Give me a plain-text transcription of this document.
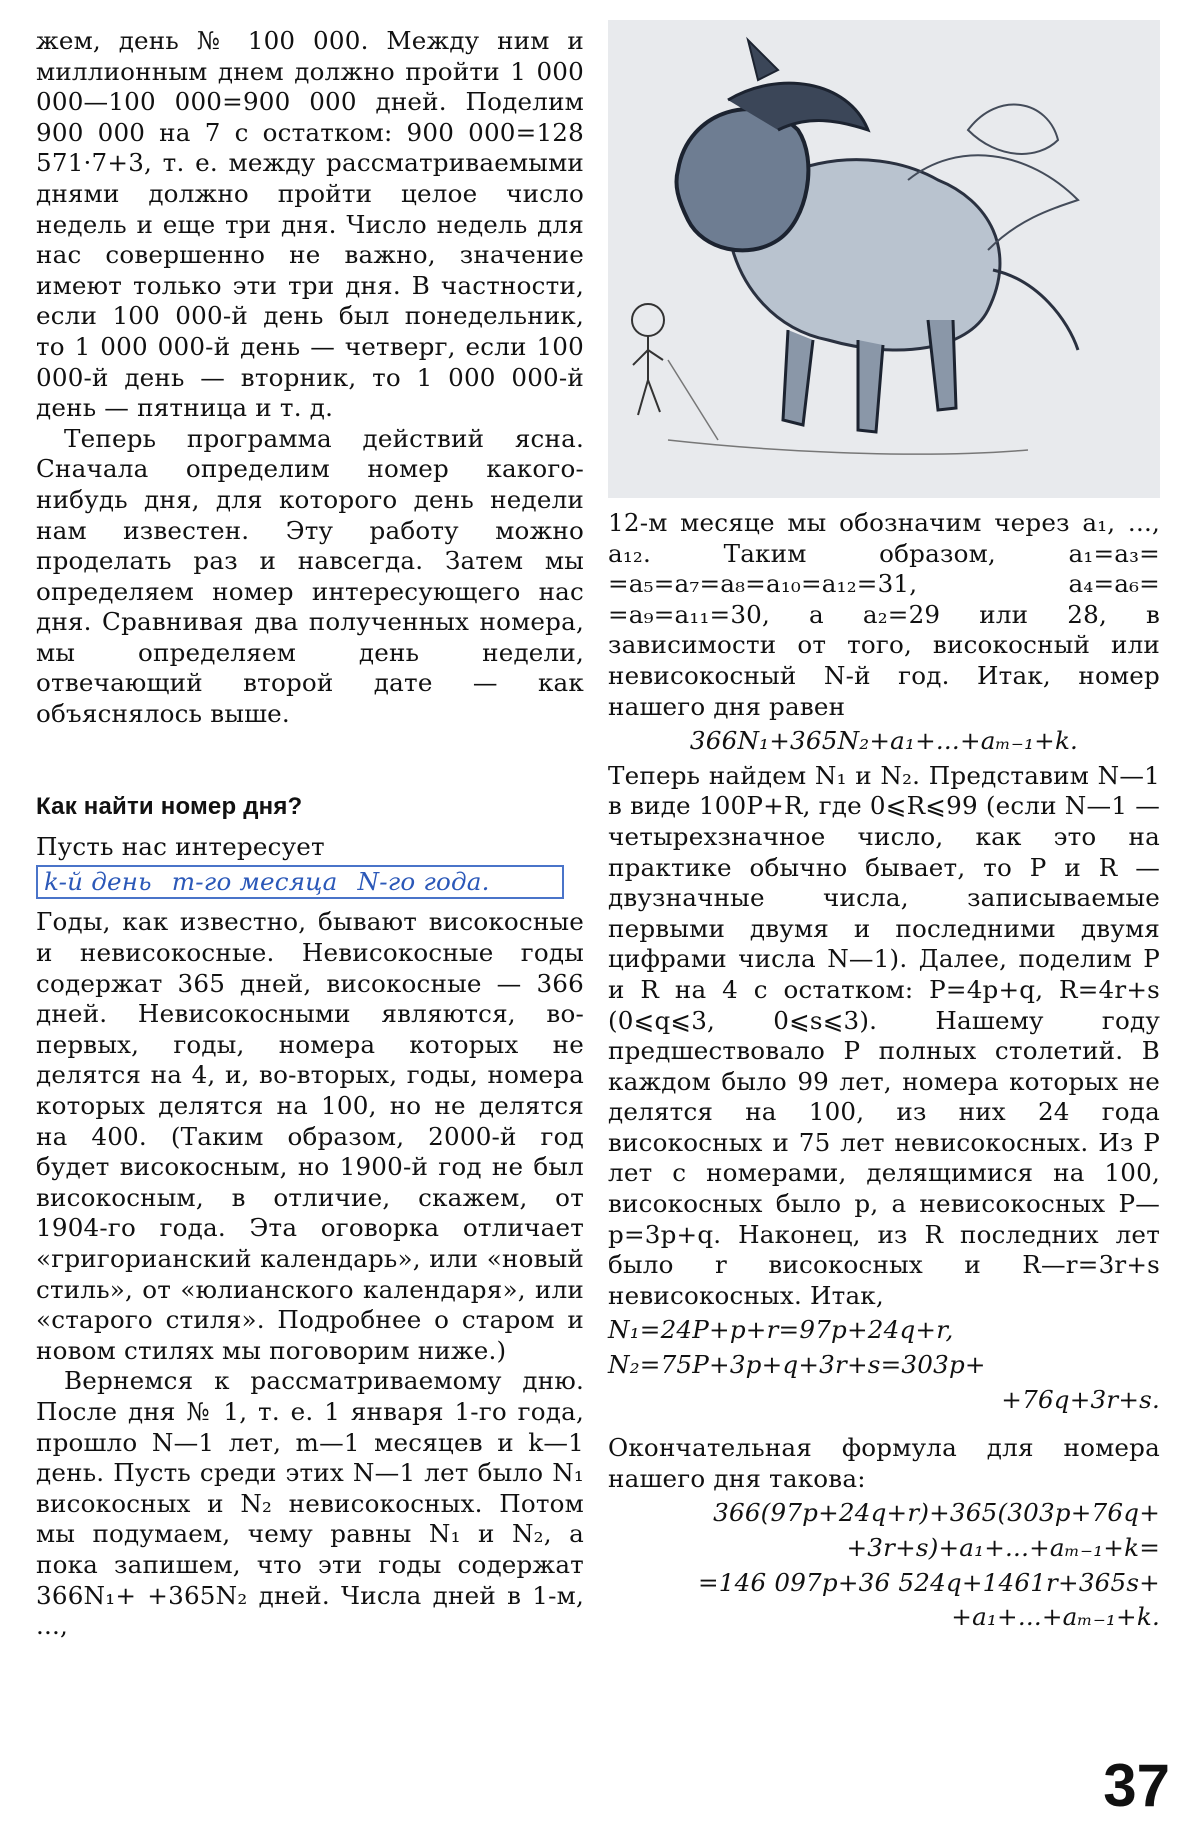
жем, день № 100 000. Между ним и миллионным днем должно пройти 1 000 000—100 000=900 000 дней. Поделим 900 000 на 7 с остатком: 900 000=128 571·7+3, т. е. между рассматриваемыми днями должно пройти целое число недель и еще три дня. Число недель для нас совершенно не важно, значение имеют только эти три дня. В частности, если 100 000-й день был понедельник, то 1 000 000-й день — четверг, если 100 000-й день — вторник, то 1 000 000-й день — пятница и т. д.

Теперь программа действий ясна. Сначала определим номер какого-нибудь дня, для которого день недели нам известен. Эту работу можно проделать раз и навсегда. Затем мы определяем номер интересующего нас дня. Сравнивая два полученных номера, мы определяем день недели, отвечающий второй дате — как объяснялось выше.

Как найти номер дня?

Пусть нас интересует

k-й день m-го месяца N-го года.

Годы, как известно, бывают високосные и невисокосные. Невисокосные годы содержат 365 дней, високосные — 366 дней. Невисокосными являются, во-первых, годы, номера которых не делятся на 4, и, во-вторых, годы, номера которых делятся на 100, но не делятся на 400. (Таким образом, 2000-й год будет високосным, но 1900-й год не был високосным, в отличие, скажем, от 1904-го года. Эта оговорка отличает «григорианский календарь», или «новый стиль», от «юлианского календаря», или «старого стиля». Подробнее о старом и новом стилях мы поговорим ниже.)

Вернемся к рассматриваемому дню. После дня № 1, т. е. 1 января 1-го года, прошло N—1 лет, m—1 месяцев и k—1 день. Пусть среди этих N—1 лет было N₁ високосных и N₂ невисокосных. Потом мы подумаем, чему равны N₁ и N₂, а пока запишем, что эти годы содержат 366N₁+ +365N₂ дней. Числа дней в 1-м, ...,

12-м месяце мы обозначим через a₁, ..., a₁₂. Таким образом, a₁=a₃= =a₅=a₇=a₈=a₁₀=a₁₂=31, a₄=a₆= =a₉=a₁₁=30, а a₂=29 или 28, в зависимости от того, високосный или невисокосный N-й год. Итак, номер нашего дня равен

366N₁+365N₂+a₁+...+aₘ₋₁+k.

Теперь найдем N₁ и N₂. Представим N—1 в виде 100P+R, где 0⩽R⩽99 (если N—1 — четырехзначное число, как это на практике обычно бывает, то P и R — двузначные числа, записываемые первыми двумя и последними двумя цифрами числа N—1). Далее, поделим P и R на 4 с остатком: P=4p+q, R=4r+s (0⩽q⩽3, 0⩽s⩽3). Нашему году предшествовало P полных столетий. В каждом было 99 лет, номера которых не делятся на 100, из них 24 года високосных и 75 лет невисокосных. Из P лет с номерами, делящимися на 100, високосных было p, а невисокосных P—p=3p+q. Наконец, из R последних лет было r високосных и R—r=3r+s невисокосных. Итак,

N₁=24P+p+r=97p+24q+r,

N₂=75P+3p+q+3r+s=303p+

+76q+3r+s.

Окончательная формула для номера нашего дня такова:

366(97p+24q+r)+365(303p+76q+

+3r+s)+a₁+...+aₘ₋₁+k=

=146 097p+36 524q+1461r+365s+

+a₁+...+aₘ₋₁+k.

37
